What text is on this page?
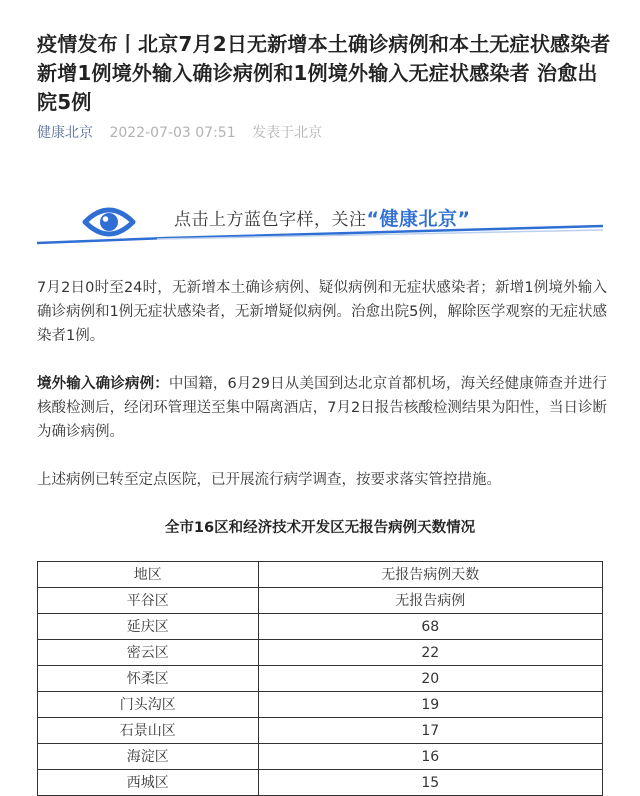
疫情发布丨北京7月2日无新增本土确诊病例和本土无症状感染者 新增1例境外输入确诊病例和1例境外输入无症状感染者 治愈出院5例
健康北京 2022-07-03 07:51 发表于北京
点击上方蓝色字样，关注“健康北京”
7月2日0时至24时，无新增本土确诊病例、疑似病例和无症状感染者；新增1例境外输入确诊病例和1例无症状感染者，无新增疑似病例。治愈出院5例，解除医学观察的无症状感染者1例。
境外输入确诊病例：中国籍，6月29日从美国到达北京首都机场，海关经健康筛查并进行核酸检测后，经闭环管理送至集中隔离酒店，7月2日报告核酸检测结果为阳性，当日诊断为确诊病例。
上述病例已转至定点医院，已开展流行病学调查，按要求落实管控措施。
全市16区和经济技术开发区无报告病例天数情况
地区	无报告病例天数
平谷区	无报告病例
延庆区	68
密云区	22
怀柔区	20
门头沟区	19
石景山区	17
海淀区	16
西城区	15
